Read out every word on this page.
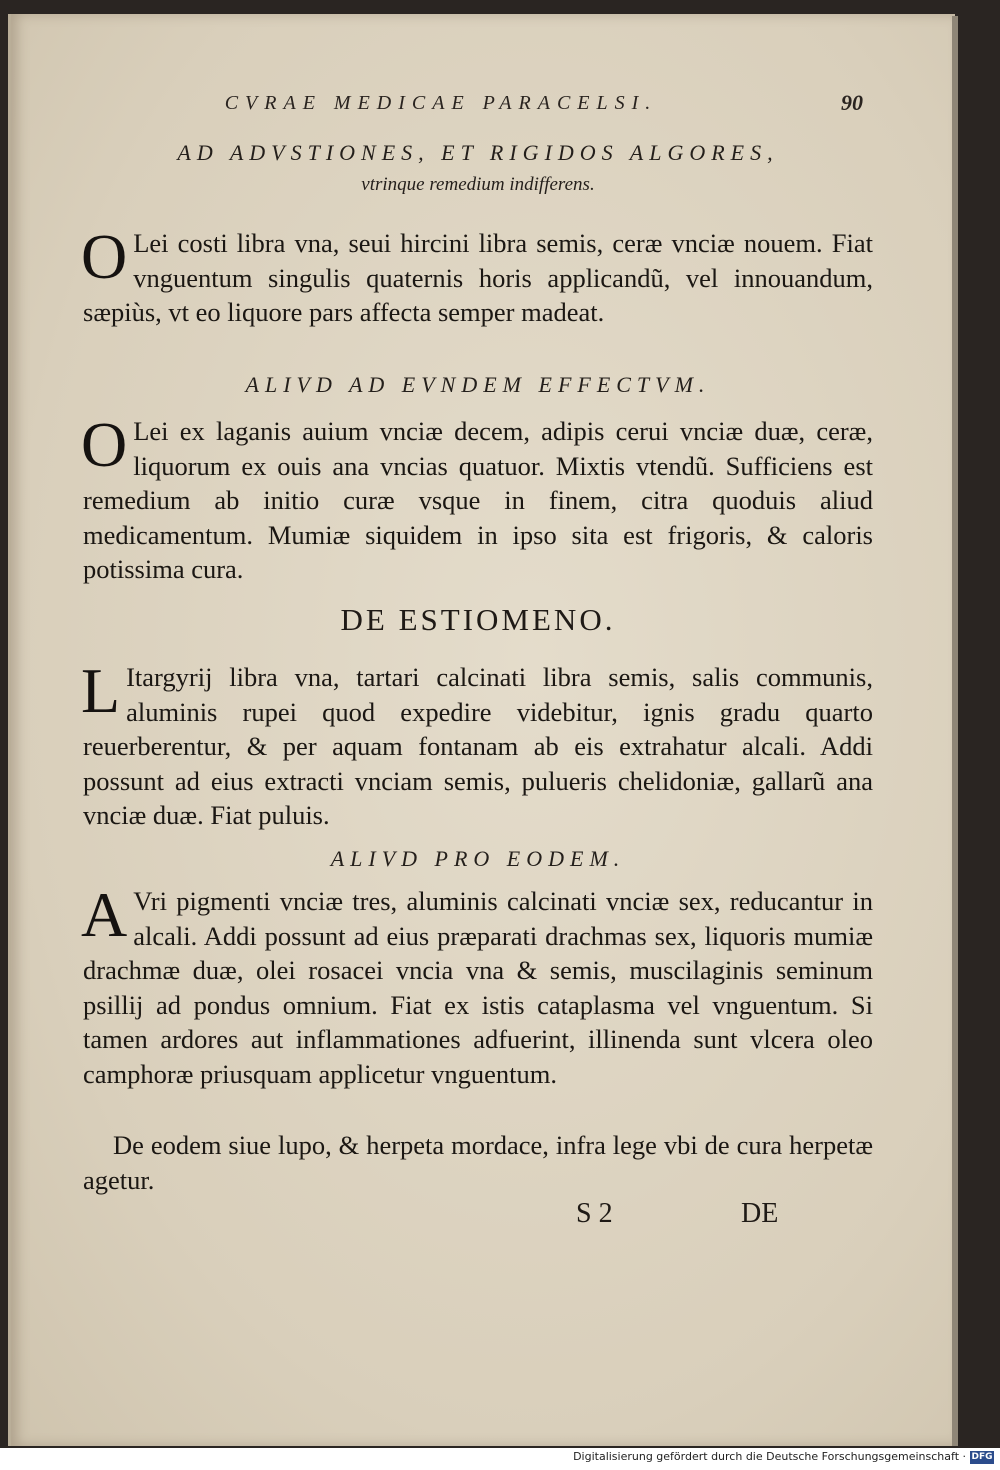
CVRAE MEDICAE PARACELSI.	90
AD ADVSTIONES, ET RIGIDOS ALGORES,
vtrinque remedium indifferens.
O Lei costi libra vna, seui hircini libra semis, ceræ vnciæ nouem. Fiat vnguentum singulis quaternis horis applicandũ, vel innouandum, sæpiùs, vt eo liquore pars affecta semper madeat.
ALIVD AD EVNDEM EFFECTVM.
O Lei ex laganis auium vnciæ decem, adipis cerui vnciæ duæ, ceræ, liquorum ex ouis ana vncias quatuor. Mixtis vtendũ. Sufficiens est remedium ab initio curæ vsque in finem, citra quoduis aliud medicamentum. Mumiæ siquidem in ipso sita est frigoris, & caloris potissima cura.
DE ESTIOMENO.
L Itargyrij libra vna, tartari calcinati libra semis, salis communis, aluminis rupei quod expedire videbitur, ignis gradu quarto reuerberentur, & per aquam fontanam ab eis extrahatur alcali. Addi possunt ad eius extracti vnciam semis, pulueris chelidoniæ, gallarũ ana vnciæ duæ. Fiat puluis.
ALIVD PRO EODEM.
A Vri pigmenti vnciæ tres, aluminis calcinati vnciæ sex, reducantur in alcali. Addi possunt ad eius præparati drachmas sex, liquoris mumiæ drachmæ duæ, olei rosacei vncia vna & semis, muscilaginis seminum psillij ad pondus omnium. Fiat ex istis cataplasma vel vnguentum. Si tamen ardores aut inflammationes adfuerint, illinenda sunt vlcera oleo camphoræ priusquam applicetur vnguentum.
De eodem siue lupo, & herpeta mordace, infra lege vbi de cura herpetæ agetur.
S 2	DE
Digitalisierung gefördert durch die Deutsche Forschungsgemeinschaft · DFG
